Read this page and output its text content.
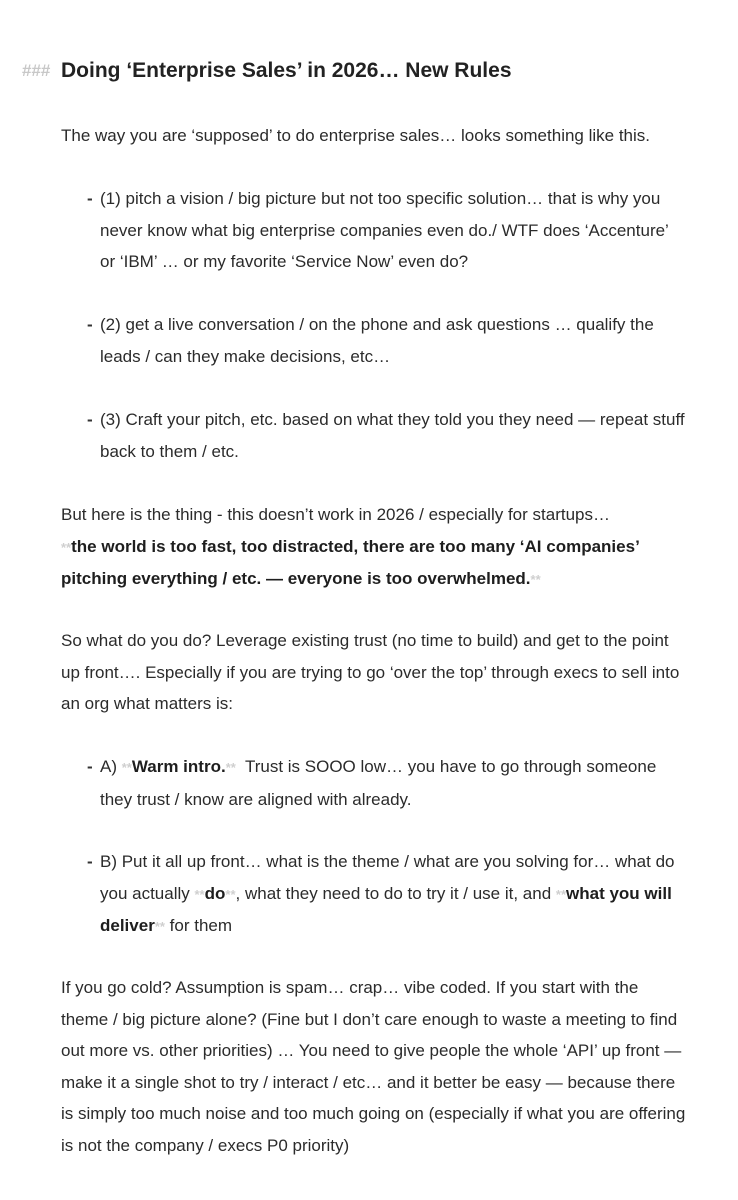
### Doing ‘Enterprise Sales’ in 2026… New Rules
The way you are ‘supposed’ to do enterprise sales… looks something like this.
- (1) pitch a vision / big picture but not too specific solution… that is why you never know what big enterprise companies even do./ WTF does ‘Accenture’ or ‘IBM’ … or my favorite ‘Service Now’ even do?
- (2) get a live conversation / on the phone and ask questions … qualify the leads / can they make decisions, etc…
- (3) Craft your pitch, etc. based on what they told you they need — repeat stuff back to them / etc.
But here is the thing - this doesn’t work in 2026 / especially for startups…
**the world is too fast, too distracted, there are too many ‘AI companies’ pitching everything / etc. — everyone is too overwhelmed.**
So what do you do? Leverage existing trust (no time to build) and get to the point up front…. Especially if you are trying to go ‘over the top’ through execs to sell into an org what matters is:
- A) **Warm intro.**  Trust is SOOO low… you have to go through someone they trust / know are aligned with already.
- B) Put it all up front… what is the theme / what are you solving for… what do you actually **do**, what they need to do to try it / use it, and **what you will deliver** for them
If you go cold? Assumption is spam… crap… vibe coded. If you start with the theme / big picture alone? (Fine but I don’t care enough to waste a meeting to find out more vs. other priorities) … You need to give people the whole ‘API’ up front — make it a single shot to try / interact / etc… and it better be easy — because there is simply too much noise and too much going on (especially if what you are offering is not the company / execs P0 priority)
